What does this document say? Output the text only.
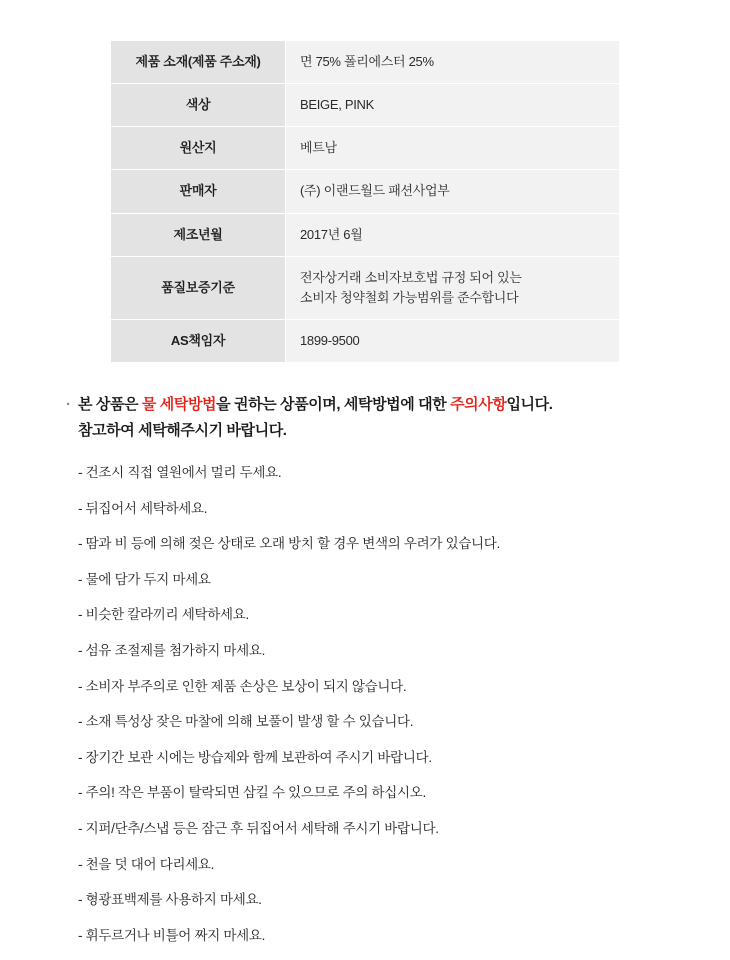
제품 소재(제품 주소재)	면 75% 폴리에스터 25%

색상	BEIGE, PINK

원산지	베트남

판매자	(주) 이랜드월드 패션사업부

제조년월	2017년 6월

품질보증기준	전자상거래 소비자보호법 규정 되어 있는
소비자 청약철회 가능범위를 준수합니다

AS책임자	1899-9500
· 본 상품은 물 세탁방법을 권하는 상품이며, 세탁방법에 대한 주의사항입니다.
참고하여 세탁해주시기 바랍니다.
- 건조시 직접 열원에서 멀리 두세요.
- 뒤집어서 세탁하세요.
- 땀과 비 등에 의해 젖은 상태로 오래 방치 할 경우 변색의 우려가 있습니다.
- 물에 담가 두지 마세요
- 비슷한 칼라끼리 세탁하세요.
- 섬유 조절제를 첨가하지 마세요.
- 소비자 부주의로 인한 제품 손상은 보상이 되지 않습니다.
- 소재 특성상 잦은 마찰에 의해 보풀이 발생 할 수 있습니다.
- 장기간 보관 시에는 방습제와 함께 보관하여 주시기 바랍니다.
- 주의! 작은 부품이 탈락되면 삼킬 수 있으므로 주의 하십시오.
- 지퍼/단추/스냅 등은 잠근 후 뒤집어서 세탁해 주시기 바랍니다.
- 천을 덧 대어 다리세요.
- 형광표백제를 사용하지 마세요.
- 휘두르거나 비틀어 짜지 마세요.
